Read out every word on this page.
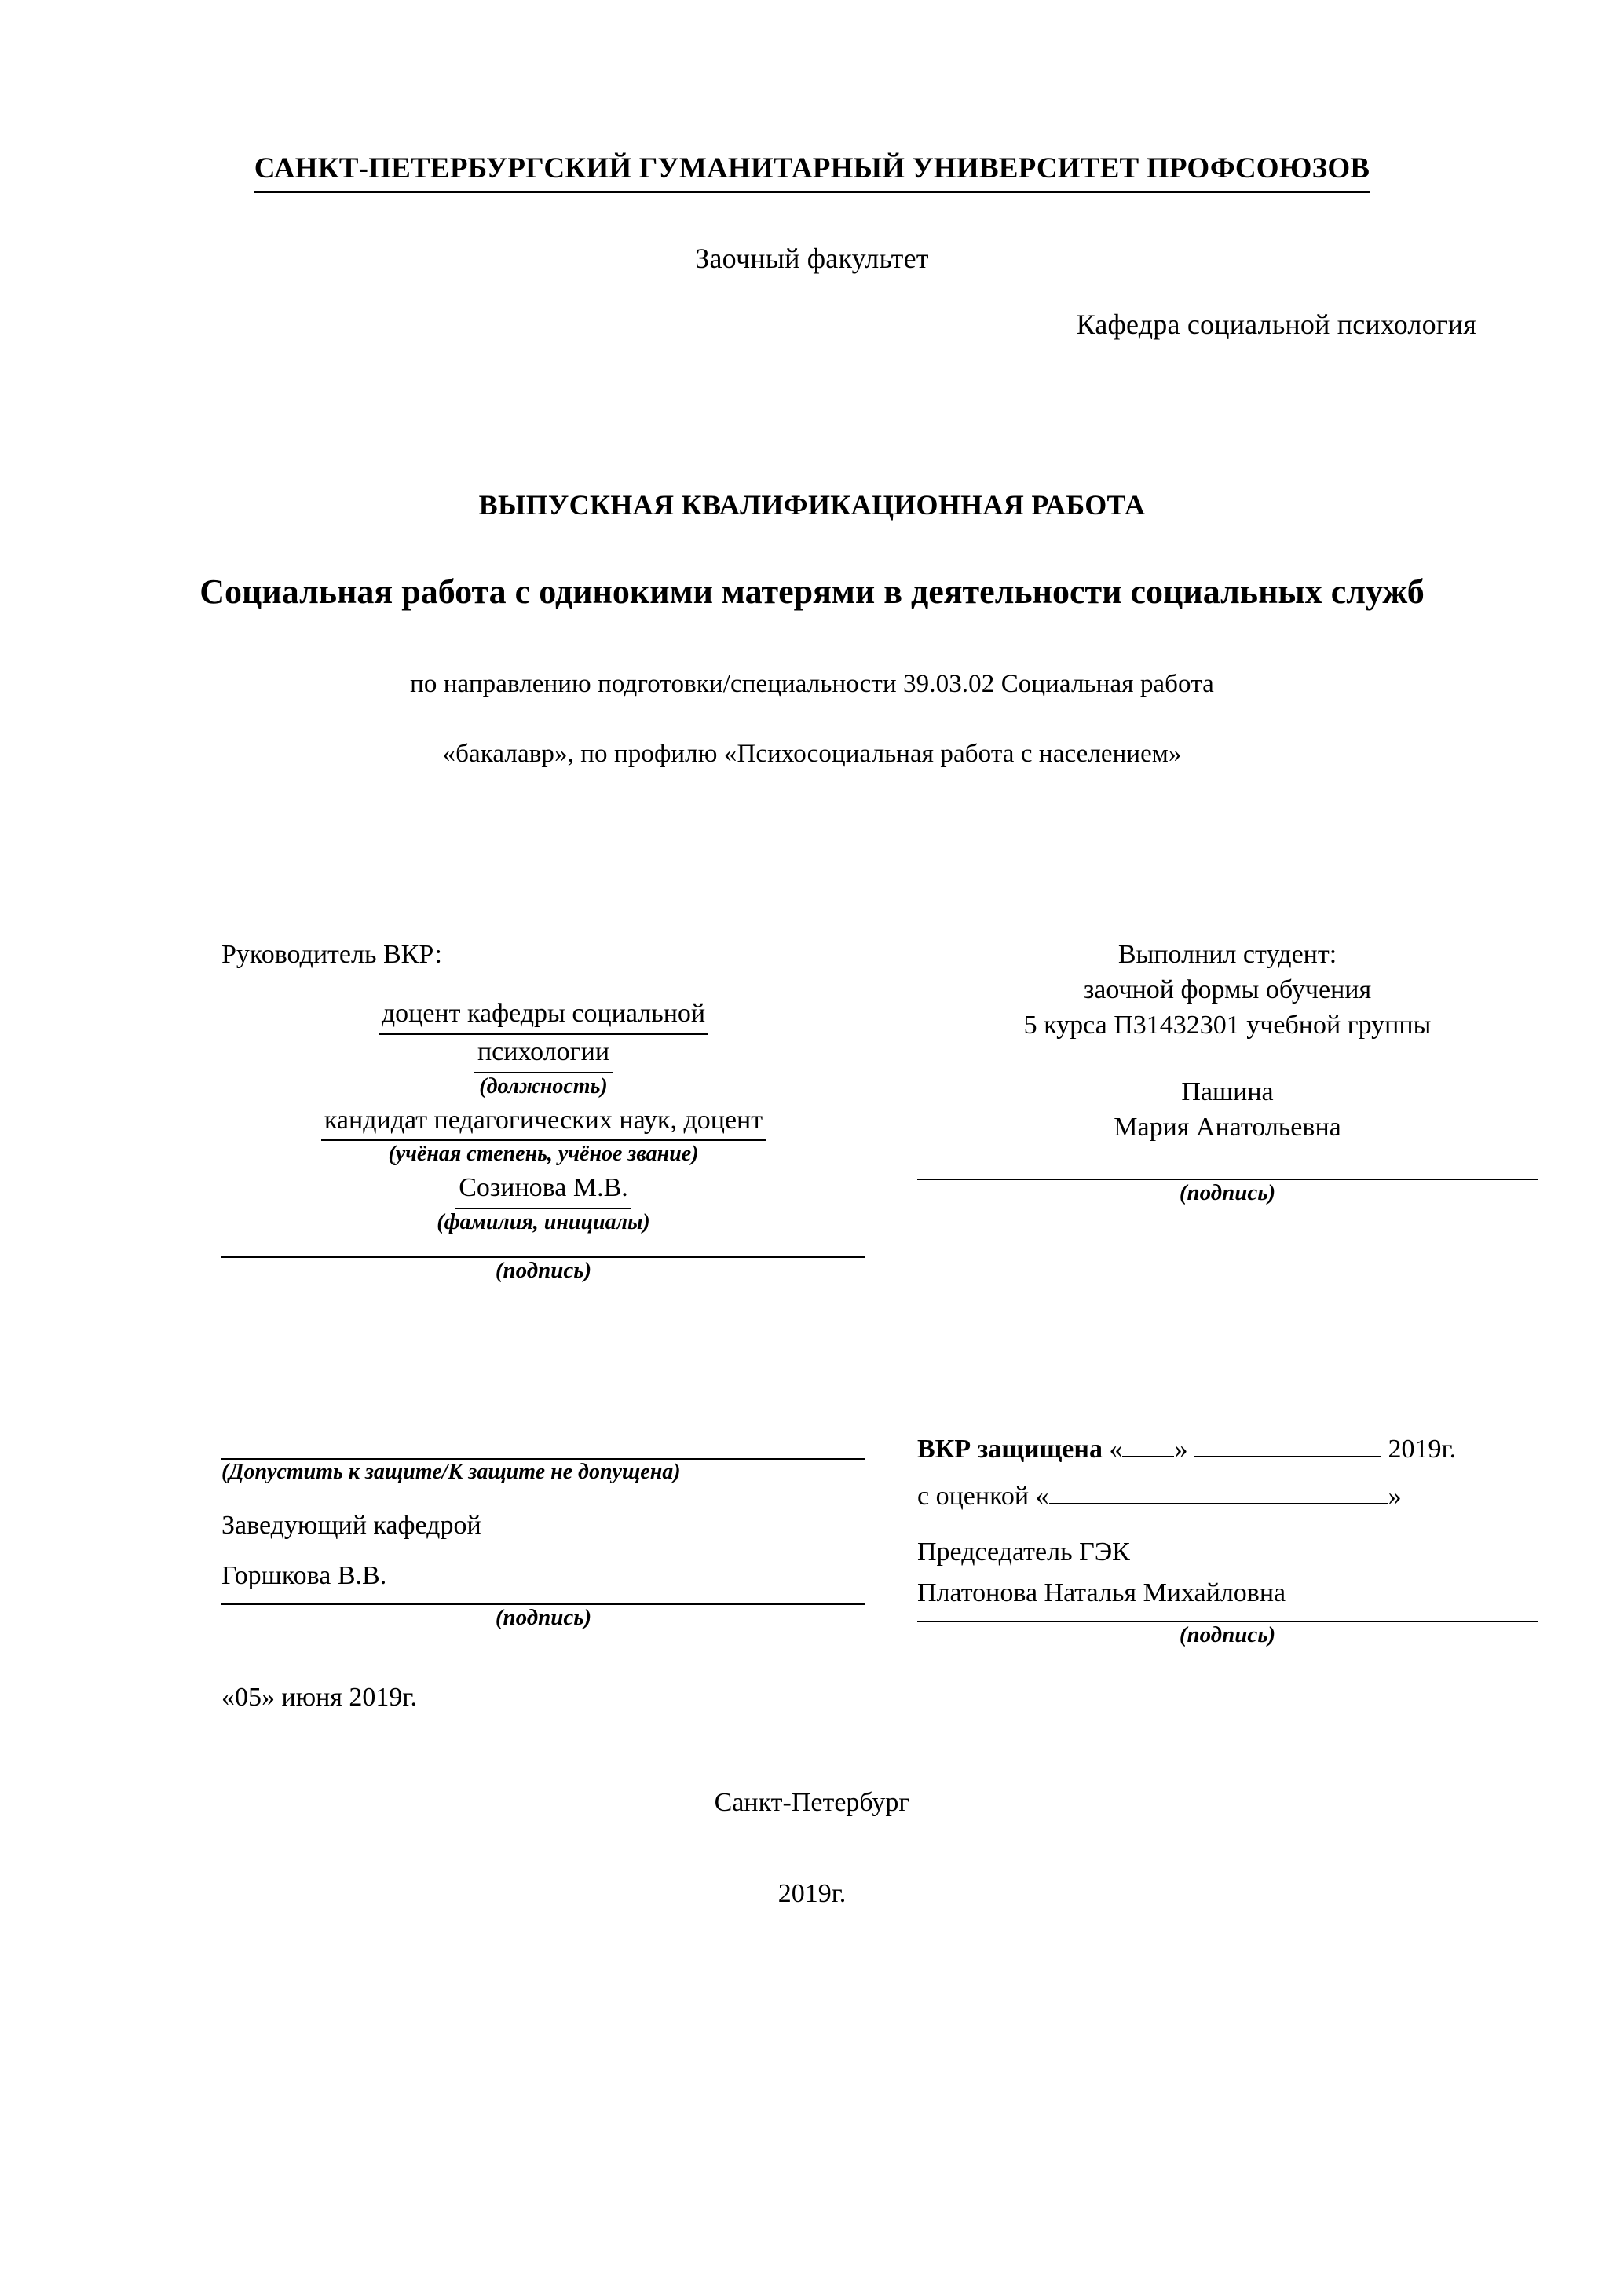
САНКТ-ПЕТЕРБУРГСКИЙ ГУМАНИТАРНЫЙ УНИВЕРСИТЕТ ПРОФСОЮЗОВ
Заочный факультет
Кафедра социальной психология
ВЫПУСКНАЯ КВАЛИФИКАЦИОННАЯ РАБОТА
Социальная работа с одинокими матерями в деятельности социальных служб
по направлению подготовки/специальности 39.03.02 Социальная работа
«бакалавр», по профилю «Психосоциальная работа с населением»
Руководитель ВКР:
доцент кафедры социальной
психологии
(должность)
кандидат педагогических наук, доцент
(учёная степень, учёное звание)
Созинова М.В.
(фамилия, инициалы)
(подпись)
Выполнил студент:
заочной формы обучения
5 курса П31432301 учебной группы
Пашина
Мария Анатольевна
(подпись)
(Допустить к защите/К защите не допущена)
Заведующий кафедрой
Горшкова В.В.
(подпись)
ВКР защищена « »	2019г.
с оценкой «	»
Председатель ГЭК
Платонова Наталья Михайловна
(подпись)
«05» июня 2019г.
Санкт-Петербург
2019г.
